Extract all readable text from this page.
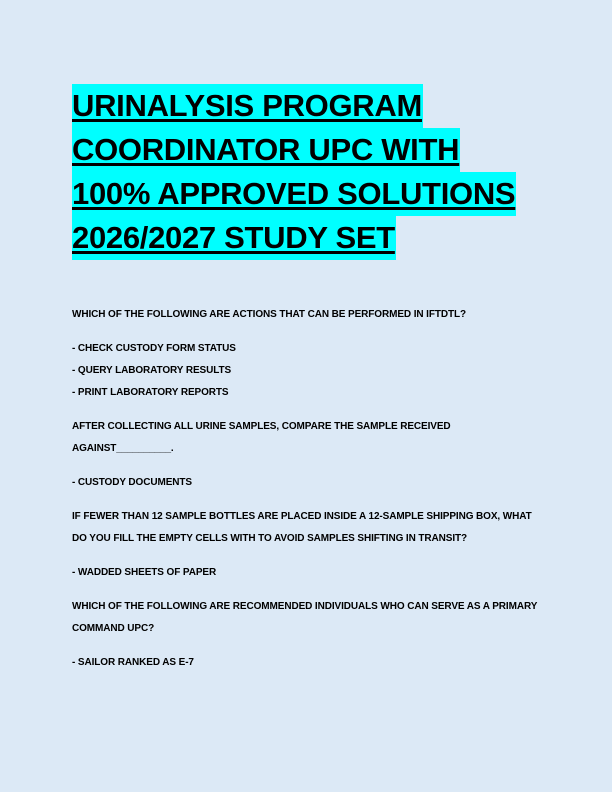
URINALYSIS PROGRAM
COORDINATOR UPC WITH
100% APPROVED SOLUTIONS
2026/2027 STUDY SET
WHICH OF THE FOLLOWING ARE ACTIONS THAT CAN BE PERFORMED IN IFTDTL?
- CHECK CUSTODY FORM STATUS
- QUERY LABORATORY RESULTS
- PRINT LABORATORY REPORTS
AFTER COLLECTING ALL URINE SAMPLES, COMPARE THE SAMPLE RECEIVED AGAINST__________.
- CUSTODY DOCUMENTS
IF FEWER THAN 12 SAMPLE BOTTLES ARE PLACED INSIDE A 12-SAMPLE SHIPPING BOX, WHAT DO YOU FILL THE EMPTY CELLS WITH TO AVOID SAMPLES SHIFTING IN TRANSIT?
- WADDED SHEETS OF PAPER
WHICH OF THE FOLLOWING ARE RECOMMENDED INDIVIDUALS WHO CAN SERVE AS A PRIMARY COMMAND UPC?
- SAILOR RANKED AS E-7
